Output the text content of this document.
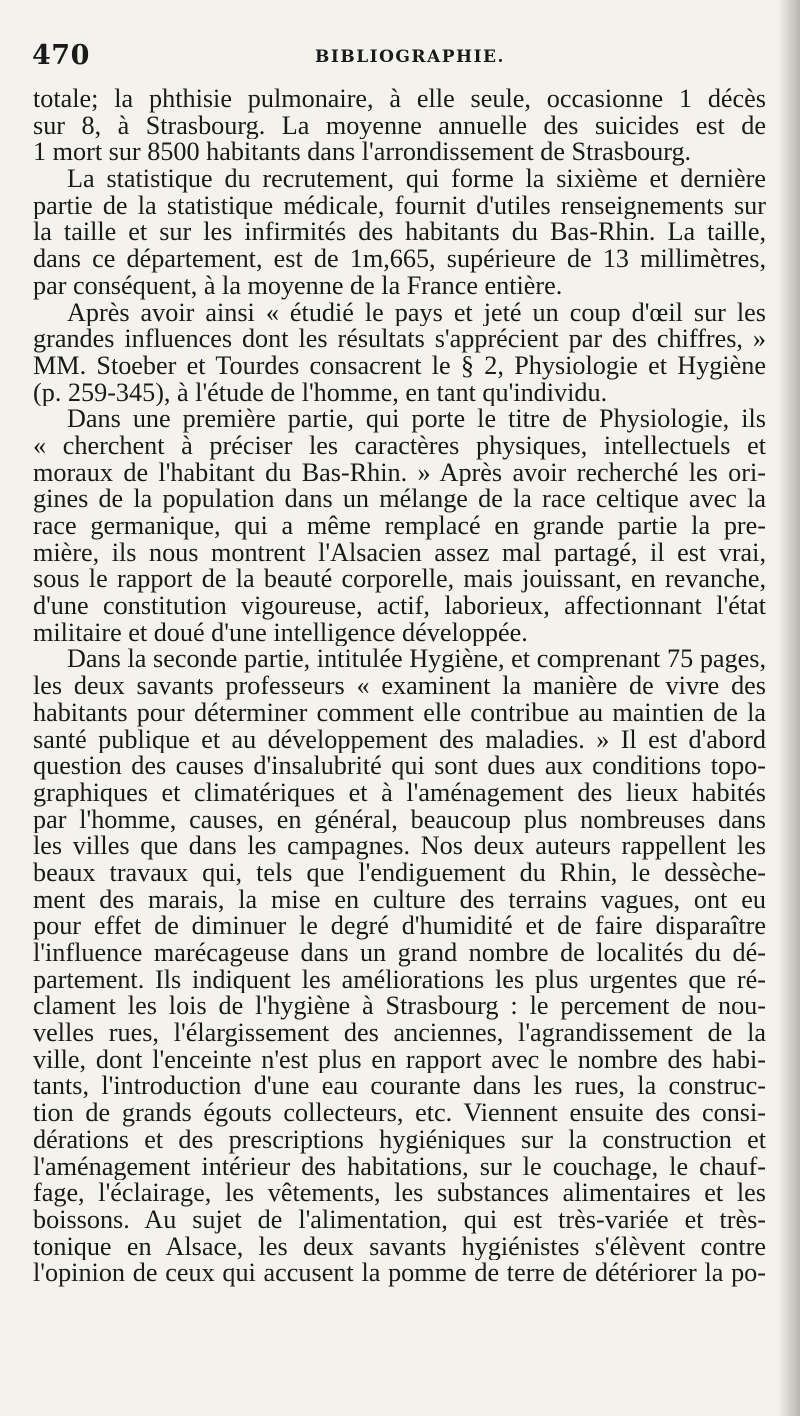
470	BIBLIOGRAPHIE.
totale; la phthisie pulmonaire, à elle seule, occasionne 1 décès
sur 8, à Strasbourg. La moyenne annuelle des suicides est de
1 mort sur 8500 habitants dans l'arrondissement de Strasbourg.
La statistique du recrutement, qui forme la sixième et dernière
partie de la statistique médicale, fournit d'utiles renseignements sur
la taille et sur les infirmités des habitants du Bas-Rhin. La taille,
dans ce département, est de 1m,665, supérieure de 13 millimètres,
par conséquent, à la moyenne de la France entière.
Après avoir ainsi « étudié le pays et jeté un coup d'œil sur les
grandes influences dont les résultats s'apprécient par des chiffres, »
MM. Stoeber et Tourdes consacrent le § 2, Physiologie et Hygiène
(p. 259-345), à l'étude de l'homme, en tant qu'individu.
Dans une première partie, qui porte le titre de Physiologie, ils
« cherchent à préciser les caractères physiques, intellectuels et
moraux de l'habitant du Bas-Rhin. » Après avoir recherché les ori-
gines de la population dans un mélange de la race celtique avec la
race germanique, qui a même remplacé en grande partie la pre-
mière, ils nous montrent l'Alsacien assez mal partagé, il est vrai,
sous le rapport de la beauté corporelle, mais jouissant, en revanche,
d'une constitution vigoureuse, actif, laborieux, affectionnant l'état
militaire et doué d'une intelligence développée.
Dans la seconde partie, intitulée Hygiène, et comprenant 75 pages,
les deux savants professeurs « examinent la manière de vivre des
habitants pour déterminer comment elle contribue au maintien de la
santé publique et au développement des maladies. » Il est d'abord
question des causes d'insalubrité qui sont dues aux conditions topo-
graphiques et climatériques et à l'aménagement des lieux habités
par l'homme, causes, en général, beaucoup plus nombreuses dans
les villes que dans les campagnes. Nos deux auteurs rappellent les
beaux travaux qui, tels que l'endiguement du Rhin, le dessèche-
ment des marais, la mise en culture des terrains vagues, ont eu
pour effet de diminuer le degré d'humidité et de faire disparaître
l'influence marécageuse dans un grand nombre de localités du dé-
partement. Ils indiquent les améliorations les plus urgentes que ré-
clament les lois de l'hygiène à Strasbourg : le percement de nou-
velles rues, l'élargissement des anciennes, l'agrandissement de la
ville, dont l'enceinte n'est plus en rapport avec le nombre des habi-
tants, l'introduction d'une eau courante dans les rues, la construc-
tion de grands égouts collecteurs, etc. Viennent ensuite des consi-
dérations et des prescriptions hygiéniques sur la construction et
l'aménagement intérieur des habitations, sur le couchage, le chauf-
fage, l'éclairage, les vêtements, les substances alimentaires et les
boissons. Au sujet de l'alimentation, qui est très-variée et très-
tonique en Alsace, les deux savants hygiénistes s'élèvent contre
l'opinion de ceux qui accusent la pomme de terre de détériorer la po-
